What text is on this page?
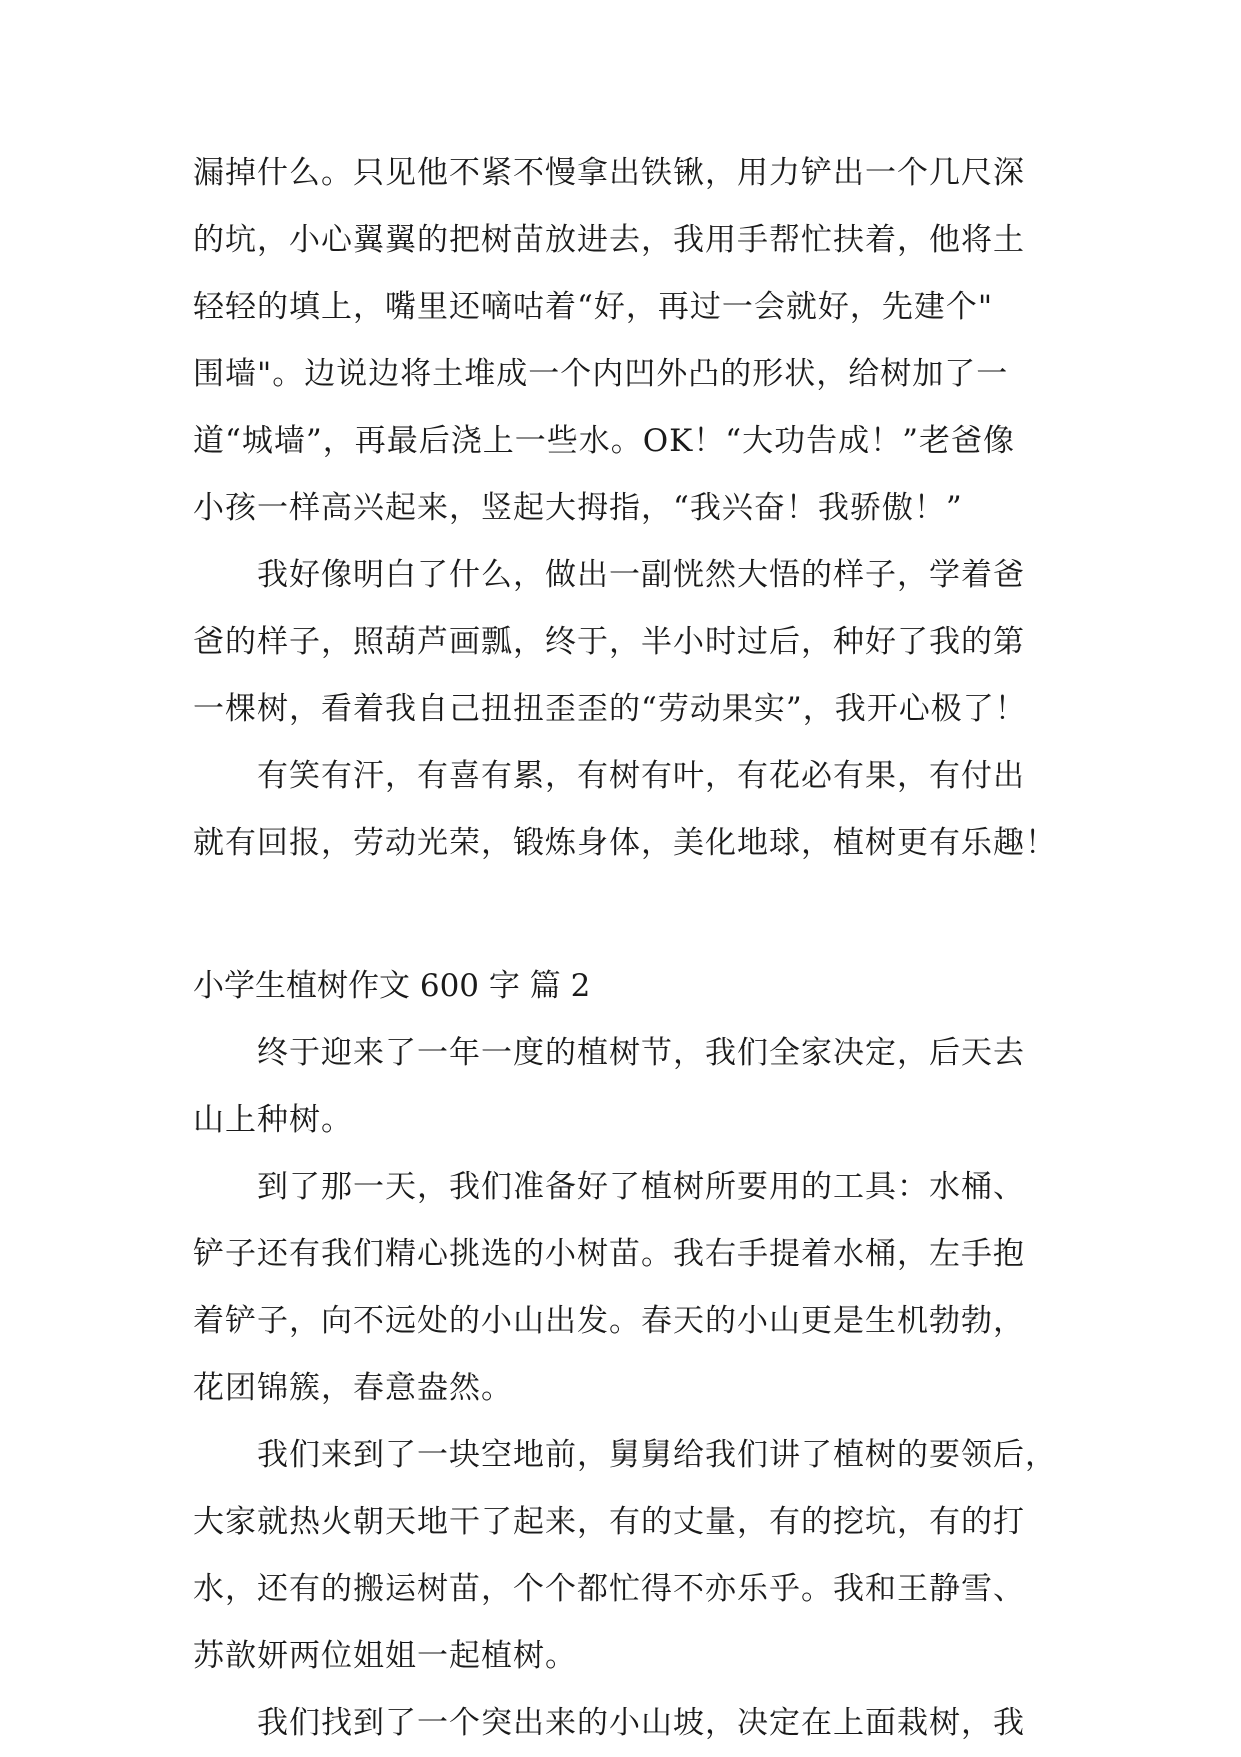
漏掉什么。只见他不紧不慢拿出铁锹，用力铲出一个几尺深
的坑，小心翼翼的把树苗放进去，我用手帮忙扶着，他将土
轻轻的填上，嘴里还嘀咕着“好，再过一会就好，先建个"
围墙"。边说边将土堆成一个内凹外凸的形状，给树加了一
道“城墙”，再最后浇上一些水。OK！“大功告成！”老爸像
小孩一样高兴起来，竖起大拇指，“我兴奋！我骄傲！”
　　我好像明白了什么，做出一副恍然大悟的样子，学着爸
爸的样子，照葫芦画瓢，终于，半小时过后，种好了我的第
一棵树，看着我自己扭扭歪歪的“劳动果实”，我开心极了！
　　有笑有汗，有喜有累，有树有叶，有花必有果，有付出
就有回报，劳动光荣，锻炼身体，美化地球，植树更有乐趣！
小学生植树作文 600 字 篇 2
　　终于迎来了一年一度的植树节，我们全家决定，后天去
山上种树。
　　到了那一天，我们准备好了植树所要用的工具：水桶、
铲子还有我们精心挑选的小树苗。我右手提着水桶，左手抱
着铲子，向不远处的小山出发。春天的小山更是生机勃勃，
花团锦簇，春意盎然。
　　我们来到了一块空地前，舅舅给我们讲了植树的要领后，
大家就热火朝天地干了起来，有的丈量，有的挖坑，有的打
水，还有的搬运树苗，个个都忙得不亦乐乎。我和王静雪、
苏歆妍两位姐姐一起植树。
　　我们找到了一个突出来的小山坡，决定在上面栽树，我
